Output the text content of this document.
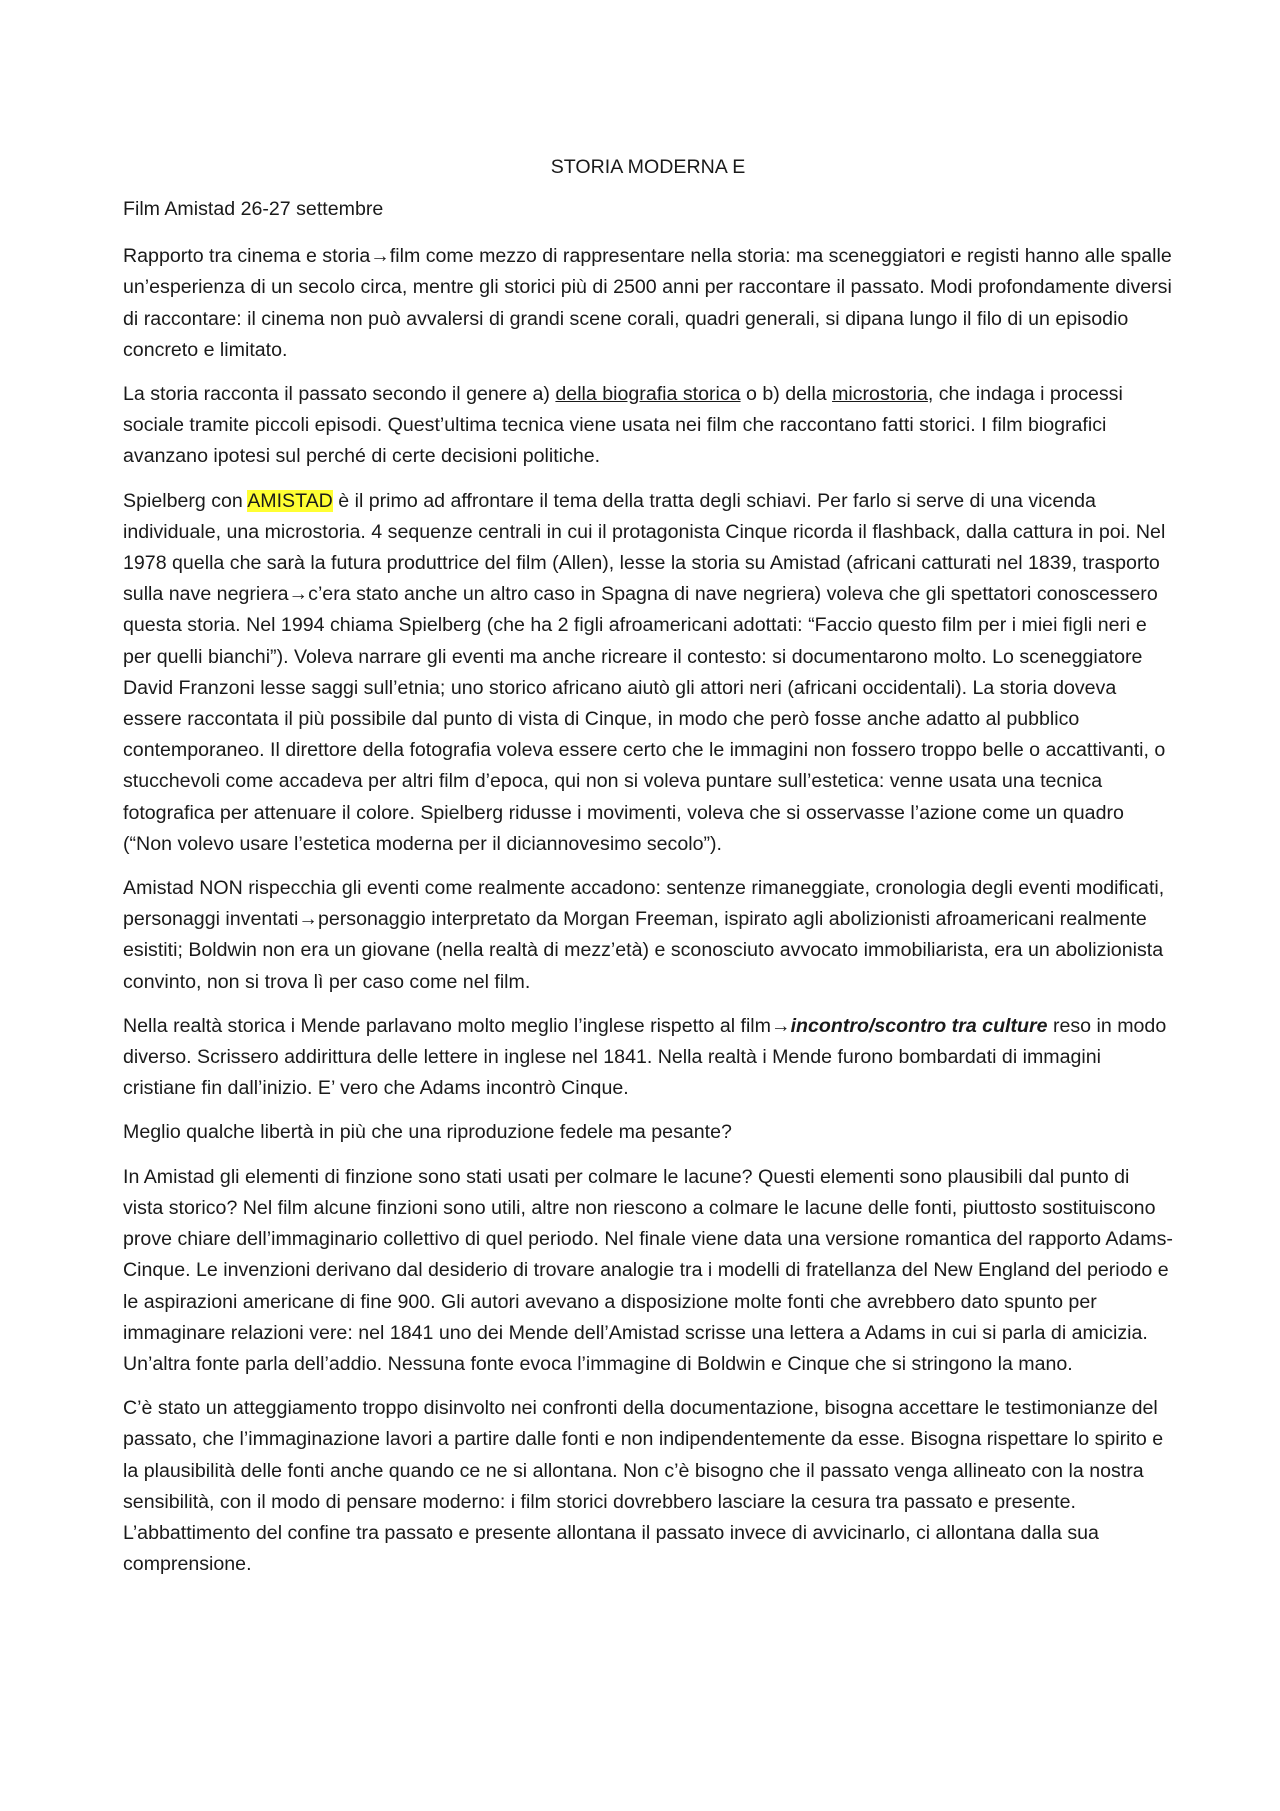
STORIA MODERNA E
Film Amistad 26-27 settembre

Rapporto tra cinema e storia→film come mezzo di rappresentare nella storia: ma sceneggiatori e registi hanno alle spalle un’esperienza di un secolo circa, mentre gli storici più di 2500 anni per raccontare il passato. Modi profondamente diversi di raccontare: il cinema non può avvalersi di grandi scene corali, quadri generali, si dipana lungo il filo di un episodio concreto e limitato.

La storia racconta il passato secondo il genere a) della biografia storica o b) della microstoria, che indaga i processi sociale tramite piccoli episodi. Quest’ultima tecnica viene usata nei film che raccontano fatti storici. I film biografici avanzano ipotesi sul perché di certe decisioni politiche.

Spielberg con AMISTAD è il primo ad affrontare il tema della tratta degli schiavi. Per farlo si serve di una vicenda individuale, una microstoria. 4 sequenze centrali in cui il protagonista Cinque ricorda il flashback, dalla cattura in poi. Nel 1978 quella che sarà la futura produttrice del film (Allen), lesse la storia su Amistad (africani catturati nel 1839, trasporto sulla nave negriera→c’era stato anche un altro caso in Spagna di nave negriera) voleva che gli spettatori conoscessero questa storia. Nel 1994 chiama Spielberg (che ha 2 figli afroamericani adottati: “Faccio questo film per i miei figli neri e per quelli bianchi”). Voleva narrare gli eventi ma anche ricreare il contesto: si documentarono molto. Lo sceneggiatore David Franzoni lesse saggi sull’etnia; uno storico africano aiutò gli attori neri (africani occidentali). La storia doveva essere raccontata il più possibile dal punto di vista di Cinque, in modo che però fosse anche adatto al pubblico contemporaneo. Il direttore della fotografia voleva essere certo che le immagini non fossero troppo belle o accattivanti, o stucchevoli come accadeva per altri film d’epoca, qui non si voleva puntare sull’estetica: venne usata una tecnica fotografica per attenuare il colore. Spielberg ridusse i movimenti, voleva che si osservasse l’azione come un quadro (“Non volevo usare l’estetica moderna per il diciannovesimo secolo”).

Amistad NON rispecchia gli eventi come realmente accadono: sentenze rimaneggiate, cronologia degli eventi modificati, personaggi inventati→personaggio interpretato da Morgan Freeman, ispirato agli abolizionisti afroamericani realmente esistiti; Boldwin non era un giovane (nella realtà di mezz’età) e sconosciuto avvocato immobiliarista, era un abolizionista convinto, non si trova lì per caso come nel film.

Nella realtà storica i Mende parlavano molto meglio l’inglese rispetto al film→incontro/scontro tra culture reso in modo diverso. Scrissero addirittura delle lettere in inglese nel 1841. Nella realtà i Mende furono bombardati di immagini cristiane fin dall’inizio. E’ vero che Adams incontrò Cinque.

Meglio qualche libertà in più che una riproduzione fedele ma pesante?

In Amistad gli elementi di finzione sono stati usati per colmare le lacune? Questi elementi sono plausibili dal punto di vista storico? Nel film alcune finzioni sono utili, altre non riescono a colmare le lacune delle fonti, piuttosto sostituiscono prove chiare dell’immaginario collettivo di quel periodo. Nel finale viene data una versione romantica del rapporto Adams-Cinque. Le invenzioni derivano dal desiderio di trovare analogie tra i modelli di fratellanza del New England del periodo e le aspirazioni americane di fine 900. Gli autori avevano a disposizione molte fonti che avrebbero dato spunto per immaginare relazioni vere: nel 1841 uno dei Mende dell’Amistad scrisse una lettera a Adams in cui si parla di amicizia. Un’altra fonte parla dell’addio. Nessuna fonte evoca l’immagine di Boldwin e Cinque che si stringono la mano.

C’è stato un atteggiamento troppo disinvolto nei confronti della documentazione, bisogna accettare le testimonianze del passato, che l’immaginazione lavori a partire dalle fonti e non indipendentemente da esse. Bisogna rispettare lo spirito e la plausibilità delle fonti anche quando ce ne si allontana. Non c’è bisogno che il passato venga allineato con la nostra sensibilità, con il modo di pensare moderno: i film storici dovrebbero lasciare la cesura tra passato e presente. L’abbattimento del confine tra passato e presente allontana il passato invece di avvicinarlo, ci allontana dalla sua comprensione.
